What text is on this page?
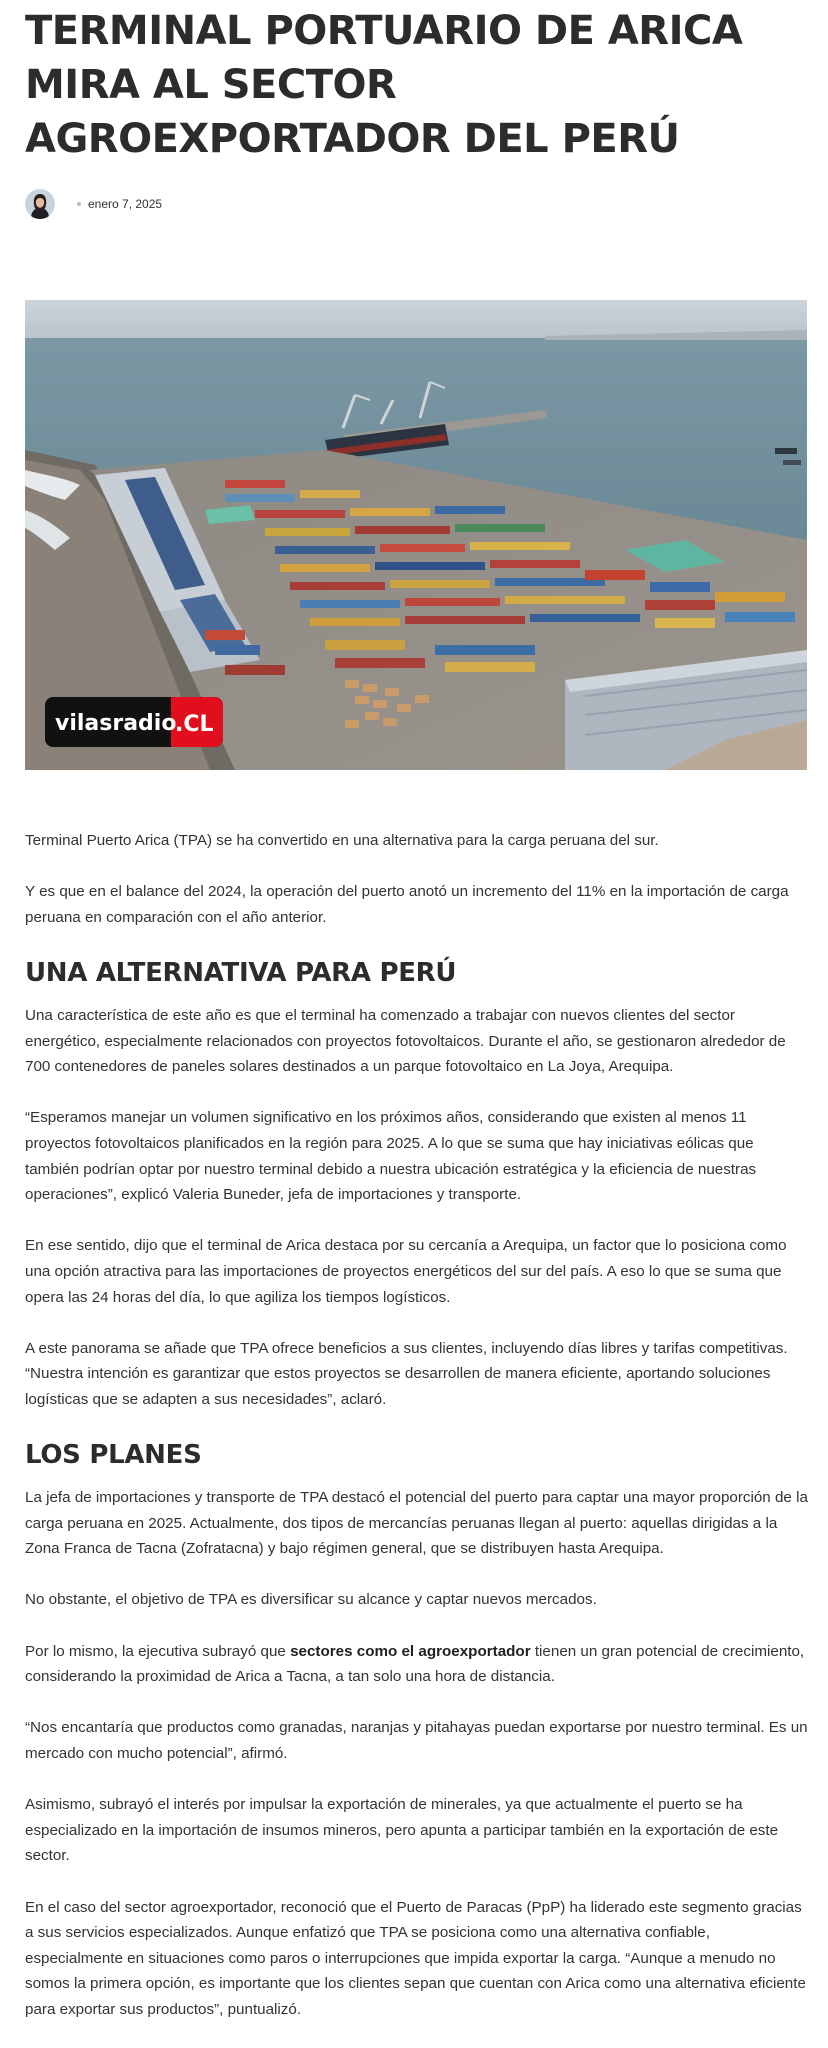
TERMINAL PORTUARIO DE ARICA MIRA AL SECTOR AGROEXPORTADOR DEL PERÚ
enero 7, 2025
vilasradio
.CL

Terminal Puerto Arica (TPA) se ha convertido en una alternativa para la carga peruana del sur.

Y es que en el balance del 2024, la operación del puerto anotó un incremento del 11% en la importación de carga peruana en comparación con el año anterior.

UNA ALTERNATIVA PARA PERÚ

Una característica de este año es que el terminal ha comenzado a trabajar con nuevos clientes del sector energético, especialmente relacionados con proyectos fotovoltaicos. Durante el año, se gestionaron alrededor de 700 contenedores de paneles solares destinados a un parque fotovoltaico en La Joya, Arequipa.

“Esperamos manejar un volumen significativo en los próximos años, considerando que existen al menos 11 proyectos fotovoltaicos planificados en la región para 2025. A lo que se suma que hay iniciativas eólicas que también podrían optar por nuestro terminal debido a nuestra ubicación estratégica y la eficiencia de nuestras operaciones”, explicó Valeria Buneder, jefa de importaciones y transporte.

En ese sentido, dijo que el terminal de Arica destaca por su cercanía a Arequipa, un factor que lo posiciona como una opción atractiva para las importaciones de proyectos energéticos del sur del país. A eso lo que se suma que opera las 24 horas del día, lo que agiliza los tiempos logísticos.

A este panorama se añade que TPA ofrece beneficios a sus clientes, incluyendo días libres y tarifas competitivas. “Nuestra intención es garantizar que estos proyectos se desarrollen de manera eficiente, aportando soluciones logísticas que se adapten a sus necesidades”, aclaró.

LOS PLANES

La jefa de importaciones y transporte de TPA destacó el potencial del puerto para captar una mayor proporción de la carga peruana en 2025. Actualmente, dos tipos de mercancías peruanas llegan al puerto: aquellas dirigidas a la Zona Franca de Tacna (Zofratacna) y bajo régimen general, que se distribuyen hasta Arequipa.

No obstante, el objetivo de TPA es diversificar su alcance y captar nuevos mercados.

Por lo mismo, la ejecutiva subrayó que sectores como el agroexportador tienen un gran potencial de crecimiento, considerando la proximidad de Arica a Tacna, a tan solo una hora de distancia.

“Nos encantaría que productos como granadas, naranjas y pitahayas puedan exportarse por nuestro terminal. Es un mercado con mucho potencial”, afirmó.

Asimismo, subrayó el interés por impulsar la exportación de minerales, ya que actualmente el puerto se ha especializado en la importación de insumos mineros, pero apunta a participar también en la exportación de este sector.

En el caso del sector agroexportador, reconoció que el Puerto de Paracas (PpP) ha liderado este segmento gracias a sus servicios especializados. Aunque enfatizó que TPA se posiciona como una alternativa confiable, especialmente en situaciones como paros o interrupciones que impida exportar la carga. “Aunque a menudo no somos la primera opción, es importante que los clientes sepan que cuentan con Arica como una alternativa eficiente para exportar sus productos”, puntualizó.
